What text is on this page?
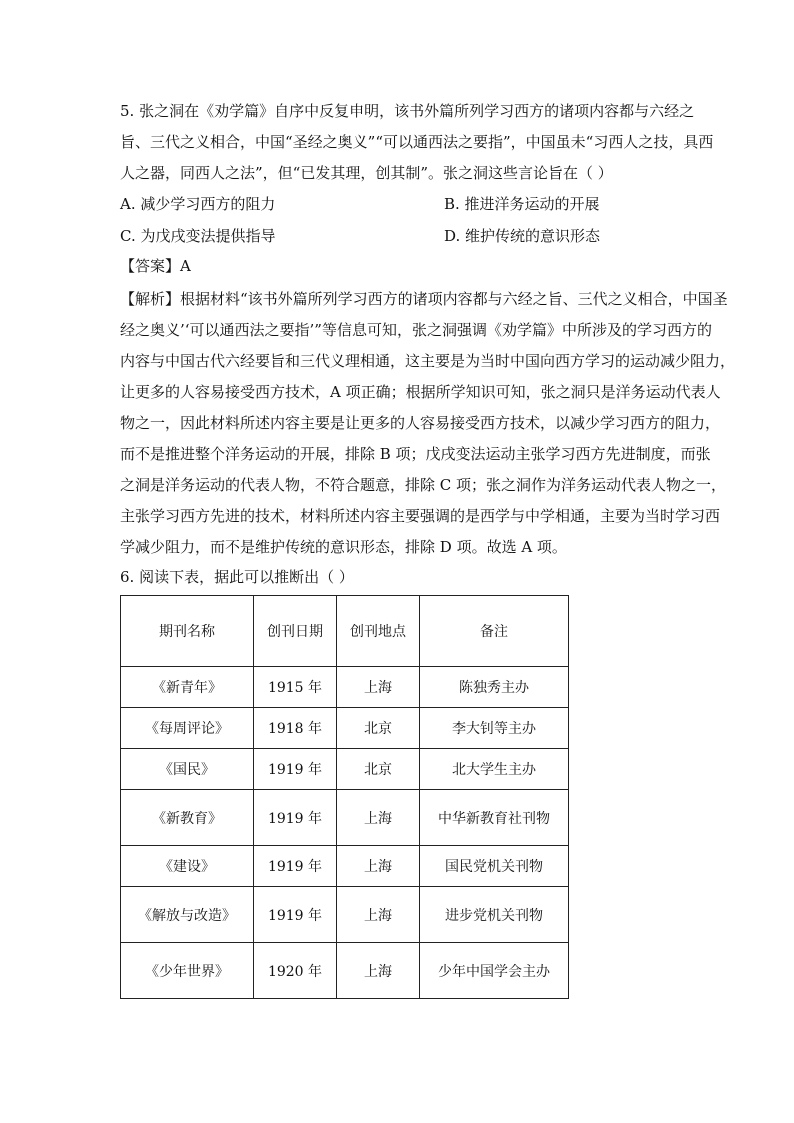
5. 张之洞在《劝学篇》自序中反复申明，该书外篇所列学习西方的诸项内容都与六经之
旨、三代之义相合，中国“圣经之奥义”“可以通西法之要指”，中国虽未“习西人之技，具西
人之器，同西人之法”，但“已发其理，创其制”。张之洞这些言论旨在（ ）
A. 减少学习西方的阻力	B. 推进洋务运动的开展
C. 为戊戌变法提供指导	D. 维护传统的意识形态
【答案】A
【解析】根据材料“该书外篇所列学习西方的诸项内容都与六经之旨、三代之义相合，中国圣
经之奥义’‘可以通西法之要指’”等信息可知，张之洞强调《劝学篇》中所涉及的学习西方的
内容与中国古代六经要旨和三代义理相通，这主要是为当时中国向西方学习的运动减少阻力，
让更多的人容易接受西方技术，A 项正确；根据所学知识可知，张之洞只是洋务运动代表人
物之一，因此材料所述内容主要是让更多的人容易接受西方技术，以减少学习西方的阻力，
而不是推进整个洋务运动的开展，排除 B 项；戊戌变法运动主张学习西方先进制度，而张
之洞是洋务运动的代表人物，不符合题意，排除 C 项；张之洞作为洋务运动代表人物之一，
主张学习西方先进的技术，材料所述内容主要强调的是西学与中学相通，主要为当时学习西
学减少阻力，而不是维护传统的意识形态，排除 D 项。故选 A 项。
6. 阅读下表，据此可以推断出（ ）
期刊名称	创刊日期	创刊地点	备注
《新青年》	1915 年	上海	陈独秀主办
《每周评论》	1918 年	北京	李大钊等主办
《国民》	1919 年	北京	北大学生主办
《新教育》	1919 年	上海	中华新教育社刊物
《建设》	1919 年	上海	国民党机关刊物
《解放与改造》	1919 年	上海	进步党机关刊物
《少年世界》	1920 年	上海	少年中国学会主办
